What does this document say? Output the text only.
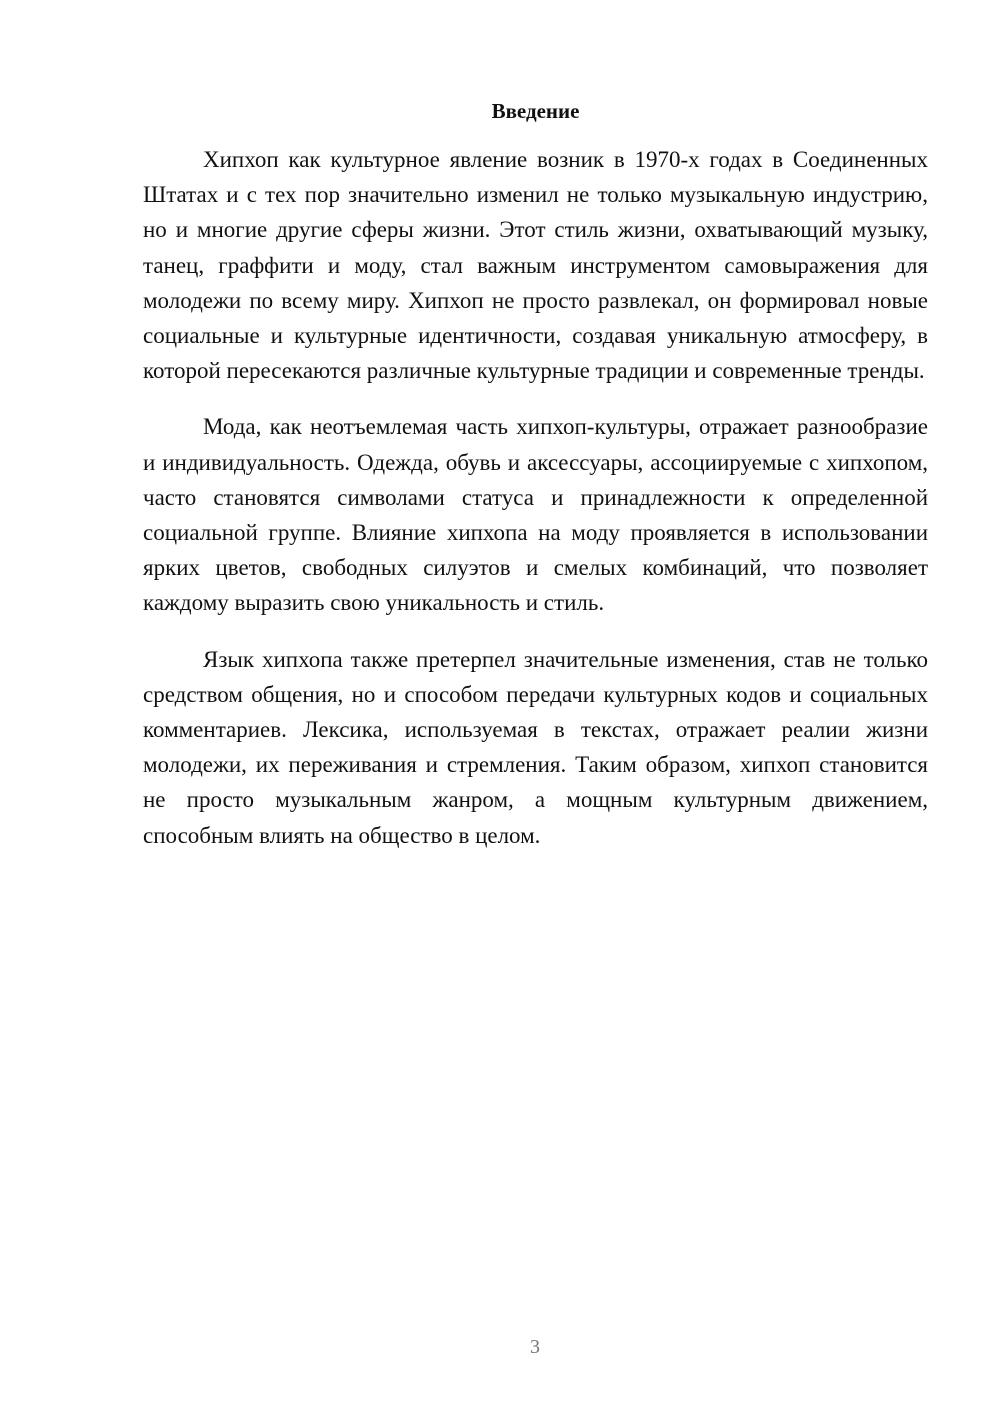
Введение

Хипхоп как культурное явление возник в 1970-х годах в Соединенных Штатах и с тех пор значительно изменил не только музыкальную индустрию, но и многие другие сферы жизни. Этот стиль жизни, охватывающий музыку, танец, граффити и моду, стал важным инструментом самовыражения для молодежи по всему миру. Хипхоп не просто развлекал, он формировал новые социальные и культурные идентичности, создавая уникальную атмосферу, в которой пересекаются различные культурные традиции и современные тренды.

Мода, как неотъемлемая часть хипхоп-культуры, отражает разнообразие и индивидуальность. Одежда, обувь и аксессуары, ассоциируемые с хипхопом, часто становятся символами статуса и принадлежности к определенной социальной группе. Влияние хипхопа на моду проявляется в использовании ярких цветов, свободных силуэтов и смелых комбинаций, что позволяет каждому выразить свою уникальность и стиль.

Язык хипхопа также претерпел значительные изменения, став не только средством общения, но и способом передачи культурных кодов и социальных комментариев. Лексика, используемая в текстах, отражает реалии жизни молодежи, их переживания и стремления. Таким образом, хипхоп становится не просто музыкальным жанром, а мощным культурным движением, способным влиять на общество в целом.

3
